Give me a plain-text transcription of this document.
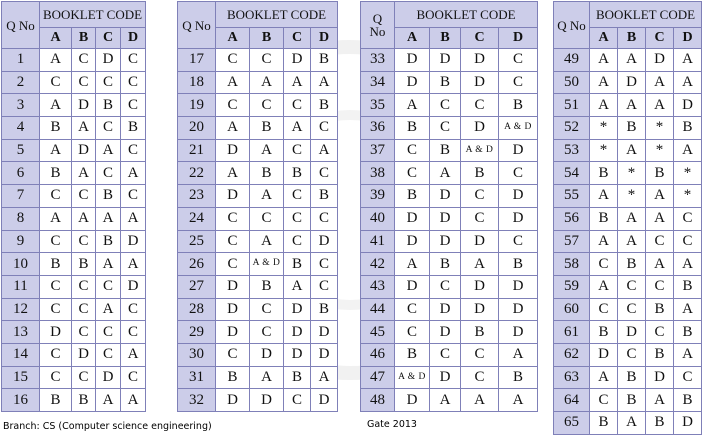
Q No	BOOKLET CODE			
	A	B	C	D
1	A	C	D	C
2	C	C	C	C
3	A	D	B	C
4	B	A	C	B
5	A	D	A	C
6	B	A	C	A
7	C	C	B	C
8	A	A	A	A
9	C	C	B	D
10	B	B	A	A
11	C	C	C	D
12	C	C	A	C
13	D	C	C	C
14	C	D	C	A
15	C	C	D	C
16	B	B	A	A
Q No	BOOKLET CODE			
	A	B	C	D
17	C	C	D	B
18	A	A	A	A
19	C	C	C	B
20	A	B	A	C
21	D	A	C	A
22	A	B	B	C
23	D	A	C	B
24	C	C	C	C
25	C	A	C	D
26	C	A & D	B	C
27	D	B	A	C
28	D	C	D	B
29	D	C	D	D
30	C	D	D	D
31	B	A	B	A
32	D	D	C	D
Q No	BOOKLET CODE			
	A	B	C	D
33	D	D	D	C
34	D	B	D	C
35	A	C	C	B
36	B	C	D	A & D
37	C	B	A & D	D
38	C	A	B	C
39	B	D	C	D
40	D	D	C	D
41	D	D	D	C
42	A	B	A	B
43	D	C	D	D
44	C	D	D	D
45	C	D	B	D
46	B	C	C	A
47	A & D	D	C	B
48	D	A	A	A
Q No	BOOKLET CODE			
	A	B	C	D
49	A	A	D	A
50	A	D	A	A
51	A	A	A	D
52	*	B	*	B
53	*	A	*	A
54	B	*	B	*
55	A	*	A	*
56	B	A	A	C
57	A	A	C	C
58	C	B	A	A
59	A	C	C	B
60	C	C	B	A
61	B	D	C	B
62	D	C	B	A
63	A	B	D	C
64	C	B	A	B
65	B	A	B	D
Branch: CS (Computer science engineering)	Gate 2013
